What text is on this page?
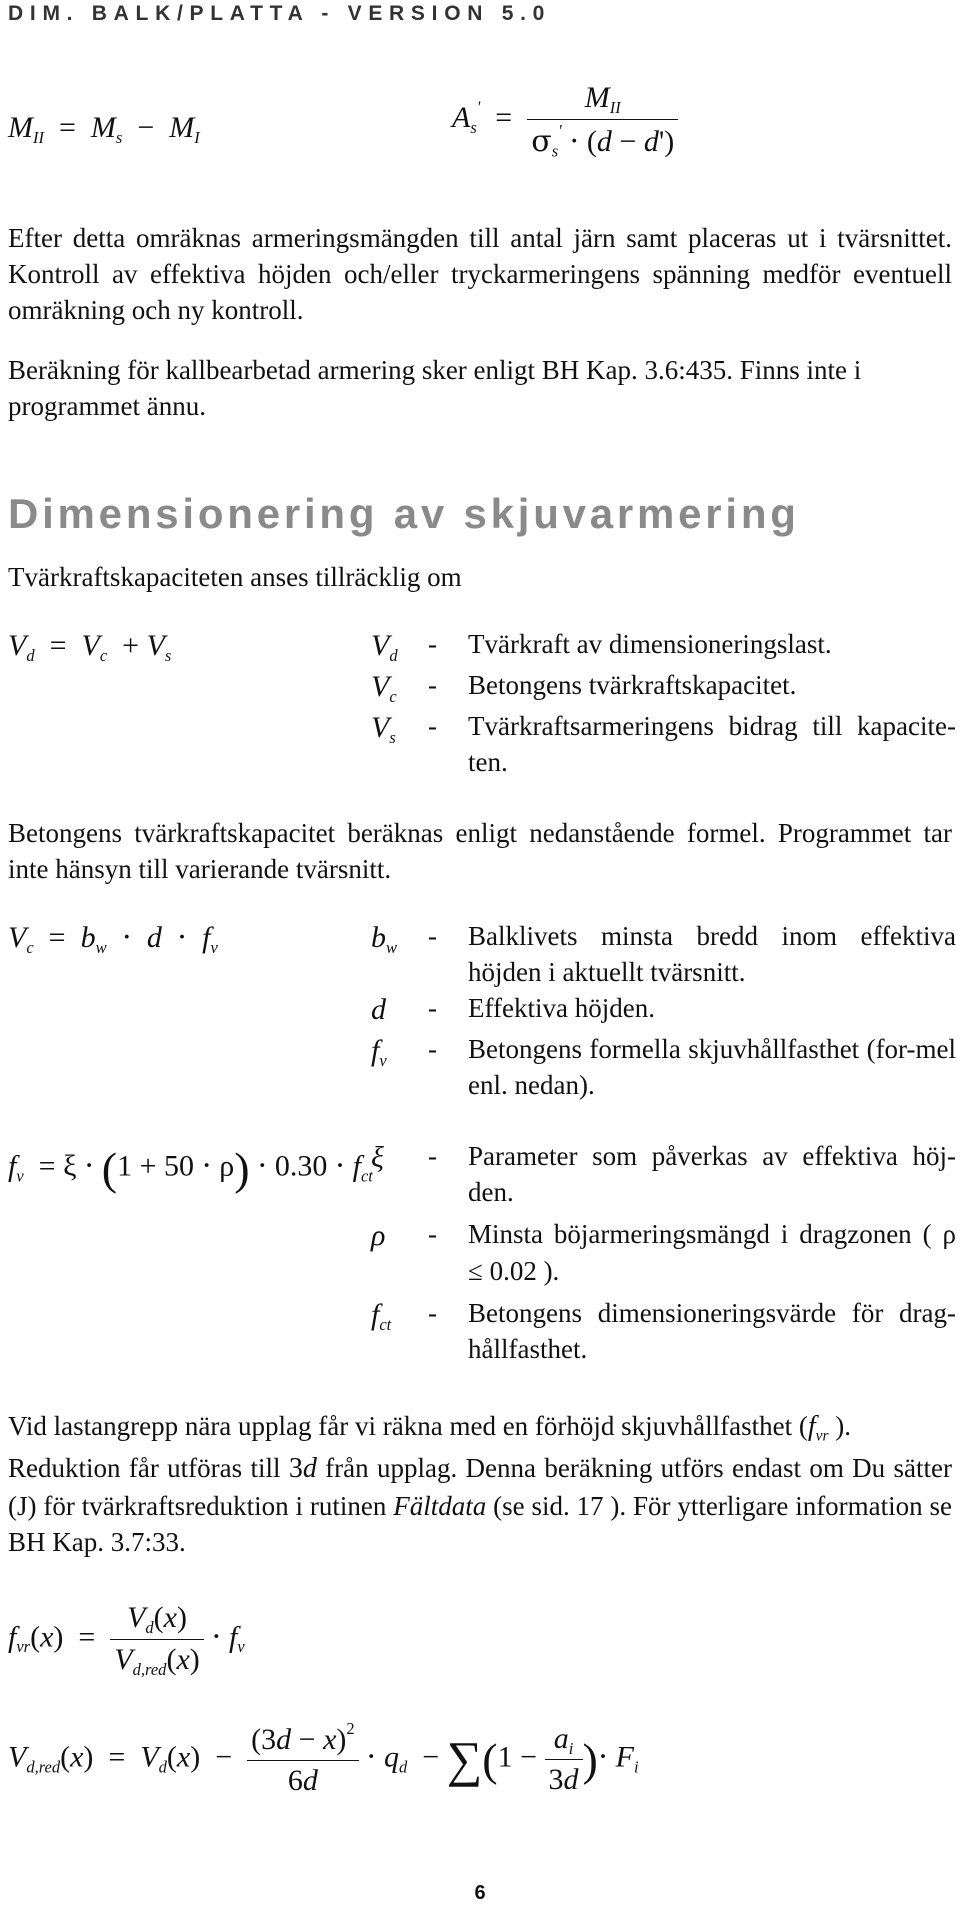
DIM. BALK/PLATTA - VERSION 5.0

$M_{II} = M_s - M_I$
$A_s' = \frac{M_{II}}{\sigma_s' \cdot (d - d')}$

Efter detta omräknas armeringsmängden till antal järn samt placeras ut i tvärsnittet. Kontroll av effektiva höjden och/eller tryckarmeringens spänning medför eventuell omräkning och ny kontroll.

Beräkning för kallbearbetad armering sker enligt BH Kap. 3.6:435. Finns inte i programmet ännu.

Dimensionering av skjuvarmering

Tvärkraftskapaciteten anses tillräcklig om

$V_d = V_c + V_s$	$V_d$	-	Tvärkraft av dimensioneringslast.
$V_c$	-	Betongens tvärkraftskapacitet.
$V_s$	-	Tvärkraftsarmeringens bidrag till kapacite-ten.

Betongens tvärkraftskapacitet beräknas enligt nedanstående formel. Programmet tar inte hänsyn till varierande tvärsnitt.

$V_c = b_w \cdot d \cdot f_v$	$b_w$	-	Balklivets minsta bredd inom effektiva höjden i aktuellt tvärsnitt.
d	-	Effektiva höjden.
$f_v$	-	Betongens formella skjuvhållfasthet (for-mel enl. nedan).
$f_v = \xi \cdot (1 + 50 \cdot \rho) \cdot 0.30 \cdot f_{ct}$
ξ	-	Parameter som påverkas av effektiva höj-den.
ρ	-	Minsta böjarmeringsmängd i dragzonen ( ρ ≤ 0.02 ).
$f_{ct}$	-	Betongens dimensioneringsvärde för drag-hållfasthet.

Vid lastangrepp nära upplag får vi räkna med en förhöjd skjuvhållfasthet ($f_{vr}$ ).

Reduktion får utföras till 3d från upplag. Denna beräkning utförs endast om Du sätter (J) för tvärkraftsreduktion i rutinen Fältdata (se sid. 17 ). För ytterligare information se BH Kap. 3.7:33.

$f_{vr}(x) = \frac{V_d(x)}{V_{d,red}(x)} \cdot f_v$
$V_{d,red}(x) = V_d(x) - \frac{(3d - x)^2}{6d} \cdot q_d - \sum(1 - \frac{a_i}{3d}$ )⋅ $F_i$

6
